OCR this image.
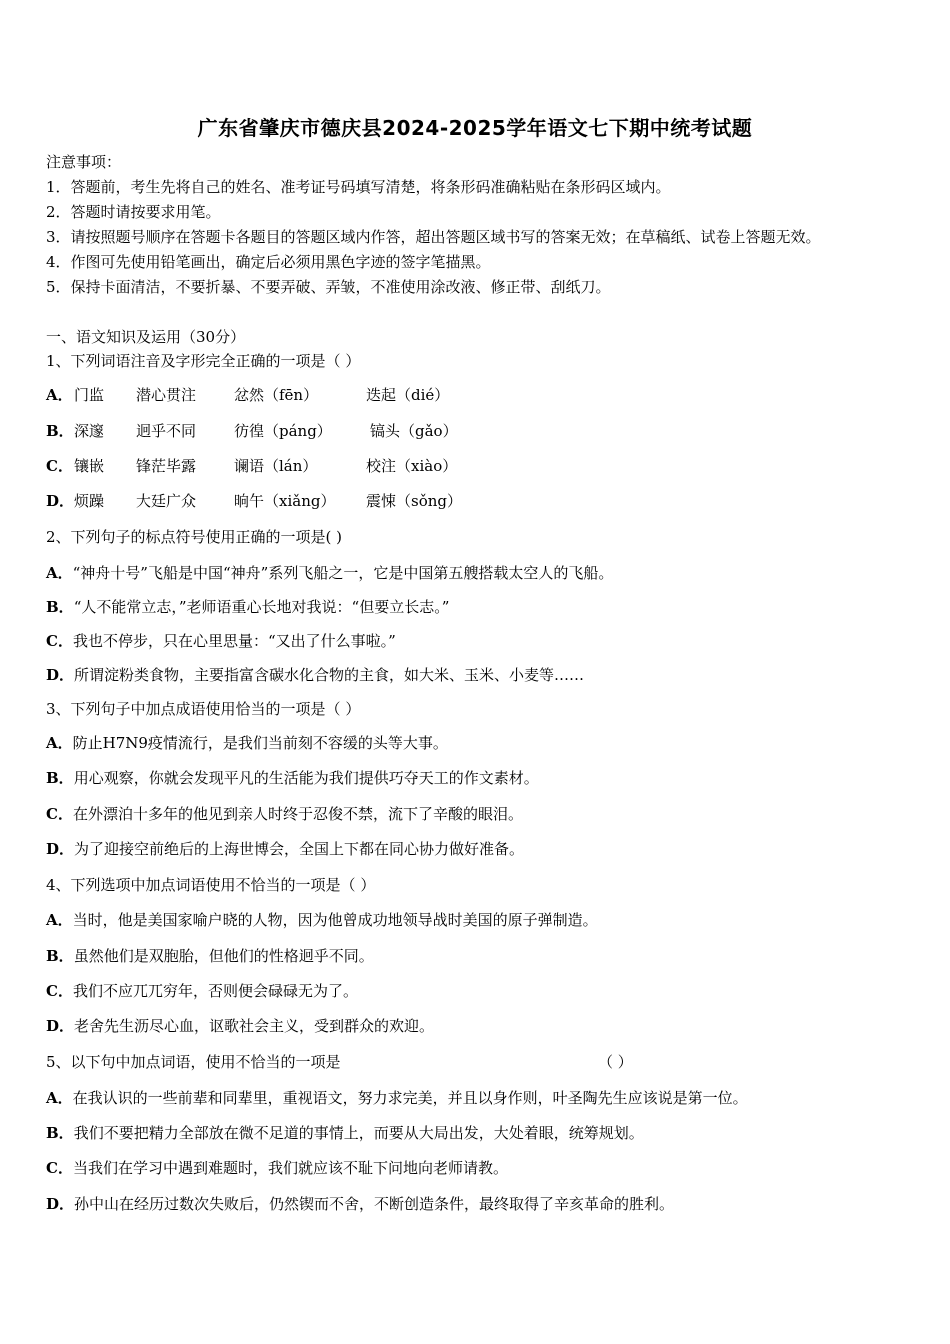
广东省肇庆市德庆县2024-2025学年语文七下期中统考试题
注意事项：
1．答题前，考生先将自己的姓名、准考证号码填写清楚，将条形码准确粘贴在条形码区域内。
2．答题时请按要求用笔。
3．请按照题号顺序在答题卡各题目的答题区域内作答，超出答题区域书写的答案无效；在草稿纸、试卷上答题无效。
4．作图可先使用铅笔画出，确定后必须用黑色字迹的签字笔描黑。
5．保持卡面清洁，不要折暴、不要弄破、弄皱，不准使用涂改液、修正带、刮纸刀。
一、语文知识及运用（30分）
1、下列词语注音及字形完全正确的一项是（ ）
A． 门监 潜心贯注	忿然（fēn）	迭起（dié）
B． 深邃 迥乎不同	彷徨（páng）	镐头（gǎo）
C． 镶嵌 锋茫毕露	谰语（lán）	校注（xiào）
D． 烦躁 大廷广众	晌午（xiǎng） 震悚（sǒng）
2、下列句子的标点符号使用正确的一项是( )
A．“神舟十号”飞船是中国“神舟”系列飞船之一，它是中国第五艘搭载太空人的飞船。
B．“人不能常立志，”老师语重心长地对我说：“但要立长志。”
C．我也不停步，只在心里思量：“又出了什么事啦。”
D．所谓淀粉类食物，主要指富含碳水化合物的主食，如大米、玉米、小麦等……
3、下列句子中加点成语使用恰当的一项是（ ）
A．防止H7N9疫情流行，是我们当前刻不容缓的头等大事。
B．用心观察，你就会发现平凡的生活能为我们提供巧夺天工的作文素材。
C．在外漂泊十多年的他见到亲人时终于忍俊不禁，流下了辛酸的眼泪。
D．为了迎接空前绝后的上海世博会，全国上下都在同心协力做好准备。
4、下列选项中加点词语使用不恰当的一项是（ ）
A．当时，他是美国家喻户晓的人物，因为他曾成功地领导战时美国的原子弹制造。
B．虽然他们是双胞胎，但他们的性格迥乎不同。
C．我们不应兀兀穷年，否则便会碌碌无为了。
D．老舍先生沥尽心血，讴歌社会主义，受到群众的欢迎。
5、以下句中加点词语，使用不恰当的一项是	（ ）
A．在我认识的一些前辈和同辈里，重视语文，努力求完美，并且以身作则，叶圣陶先生应该说是第一位。
B．我们不要把精力全部放在微不足道的事情上，而要从大局出发，大处着眼，统筹规划。
C．当我们在学习中遇到难题时，我们就应该不耻下问地向老师请教。
D．孙中山在经历过数次失败后，仍然锲而不舍，不断创造条件，最终取得了辛亥革命的胜利。
